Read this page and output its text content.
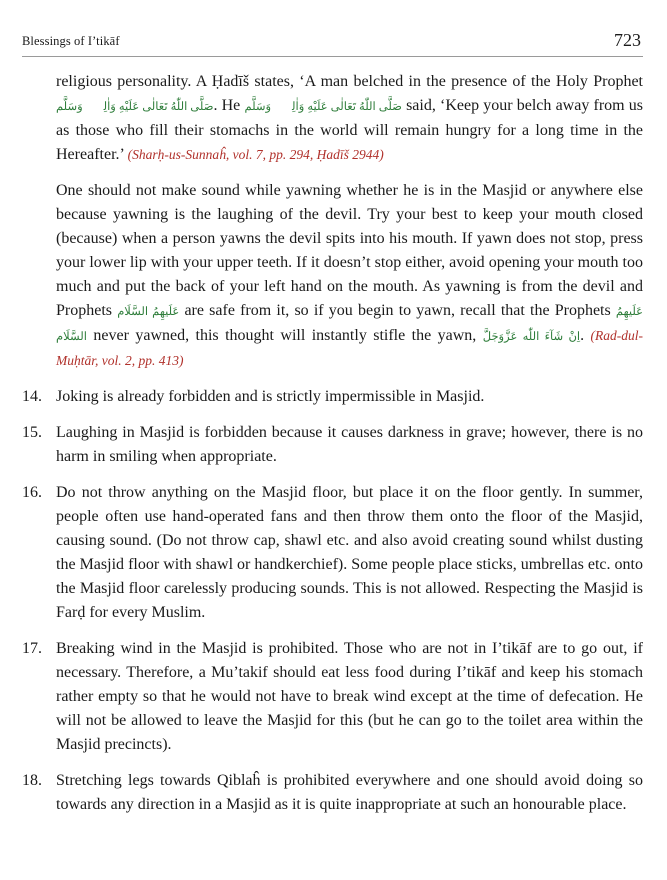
Blessings of I’tikāf	723

religious personality. A Ḥadīš states, ‘A man belched in the presence of the Holy Prophet صَلَّى اللّٰهُ تَعَالٰى عَلَيْهِ وَاٰلِهٖ وَسَلَّم. He صَلَّى اللّٰهُ تَعَالٰى عَلَيْهِ وَاٰلِهٖ وَسَلَّم said, ‘Keep your belch away from us as those who fill their stomachs in the world will remain hungry for a long time in the Hereafter.’ (Sharḥ-us-Sunnaĥ, vol. 7, pp. 294, Ḥadīš 2944)

One should not make sound while yawning whether he is in the Masjid or anywhere else because yawning is the laughing of the devil. Try your best to keep your mouth closed (because) when a person yawns the devil spits into his mouth. If yawn does not stop, press your lower lip with your upper teeth. If it doesn’t stop either, avoid opening your mouth too much and put the back of your left hand on the mouth. As yawning is from the devil and Prophets عَلَيهِمُ السَّلَام are safe from it, so if you begin to yawn, recall that the Prophets عَلَيهِمُ السَّلَام never yawned, this thought will instantly stifle the yawn, اِنْ شَآءَ اللّٰه عَزَّوَجَلَّ. (Rad-dul-Muḥtār, vol. 2, pp. 413)

14. Joking is already forbidden and is strictly impermissible in Masjid.
15. Laughing in Masjid is forbidden because it causes darkness in grave; however, there is no harm in smiling when appropriate.
16. Do not throw anything on the Masjid floor, but place it on the floor gently. In summer, people often use hand-operated fans and then throw them onto the floor of the Masjid, causing sound. (Do not throw cap, shawl etc. and also avoid creating sound whilst dusting the Masjid floor with shawl or handkerchief). Some people place sticks, umbrellas etc. onto the Masjid floor carelessly producing sounds. This is not allowed. Respecting the Masjid is Farḍ for every Muslim.
17. Breaking wind in the Masjid is prohibited. Those who are not in I’tikāf are to go out, if necessary. Therefore, a Mu’takif should eat less food during I’tikāf and keep his stomach rather empty so that he would not have to break wind except at the time of defecation. He will not be allowed to leave the Masjid for this (but he can go to the toilet area within the Masjid precincts).
18. Stretching legs towards Qiblaĥ is prohibited everywhere and one should avoid doing so towards any direction in a Masjid as it is quite inappropriate at such an honourable place.
